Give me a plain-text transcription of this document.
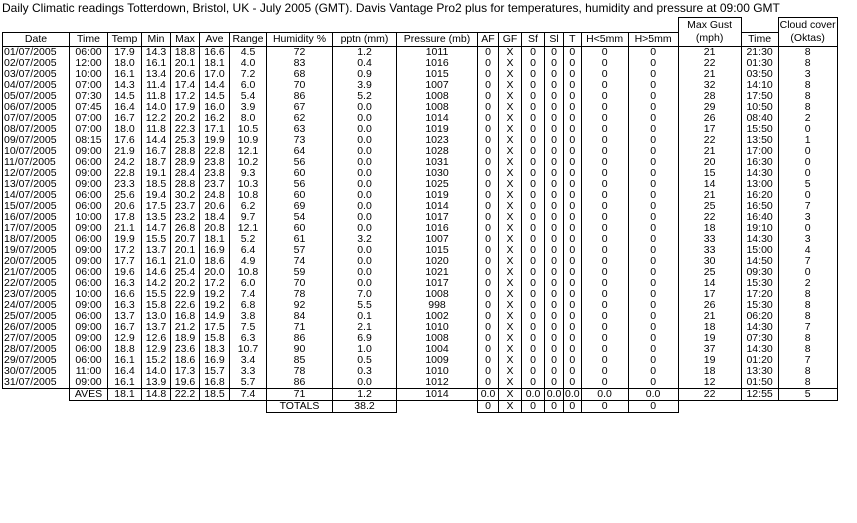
Daily Climatic readings Totterdown, Bristol, UK - July 2005 (GMT). Davis Vantage Pro2 plus for temperatures, humidity and pressure at 09:00 GMT
																	Max Gust		Cloud cover
Date	Time	Temp	Min	Max	Ave	Range	Humidity %	pptn (mm)	Pressure (mb)	AF	GF	Sf	Sl	T	H<5mm	H>5mm	(mph)	Time	(Oktas)
01/07/2005	06:00	17.9	14.3	18.8	16.6	4.5	72	1.2	1011	0	X	0	0	0	0	0	21	21:30	8
02/07/2005	12:00	18.0	16.1	20.1	18.1	4.0	83	0.4	1016	0	X	0	0	0	0	0	22	01:30	8
03/07/2005	10:00	16.1	13.4	20.6	17.0	7.2	68	0.9	1015	0	X	0	0	0	0	0	21	03:50	3
04/07/2005	07:00	14.3	11.4	17.4	14.4	6.0	70	3.9	1007	0	X	0	0	0	0	0	32	14:10	8
05/07/2005	07:30	14.5	11.8	17.2	14.5	5.4	86	5.2	1008	0	X	0	0	0	0	0	28	17:50	8
06/07/2005	07:45	16.4	14.0	17.9	16.0	3.9	67	0.0	1008	0	X	0	0	0	0	0	29	10:50	8
07/07/2005	07:00	16.7	12.2	20.2	16.2	8.0	62	0.0	1014	0	X	0	0	0	0	0	26	08:40	2
08/07/2005	07:00	18.0	11.8	22.3	17.1	10.5	63	0.0	1019	0	X	0	0	0	0	0	17	15:50	0
09/07/2005	08:15	17.6	14.4	25.3	19.9	10.9	73	0.0	1023	0	X	0	0	0	0	0	22	13:50	1
10/07/2005	09:00	21.9	16.7	28.8	22.8	12.1	64	0.0	1028	0	X	0	0	0	0	0	21	17:00	0
11/07/2005	06:00	24.2	18.7	28.9	23.8	10.2	56	0.0	1031	0	X	0	0	0	0	0	20	16:30	0
12/07/2005	09:00	22.8	19.1	28.4	23.8	9.3	60	0.0	1030	0	X	0	0	0	0	0	15	14:30	0
13/07/2005	09:00	23.3	18.5	28.8	23.7	10.3	56	0.0	1025	0	X	0	0	0	0	0	14	13:00	5
14/07/2005	06:00	25.6	19.4	30.2	24.8	10.8	60	0.0	1019	0	X	0	0	0	0	0	21	16:20	0
15/07/2005	06:00	20.6	17.5	23.7	20.6	6.2	69	0.0	1014	0	X	0	0	0	0	0	25	16:50	7
16/07/2005	10:00	17.8	13.5	23.2	18.4	9.7	54	0.0	1017	0	X	0	0	0	0	0	22	16:40	3
17/07/2005	09:00	21.1	14.7	26.8	20.8	12.1	60	0.0	1016	0	X	0	0	0	0	0	18	19:10	0
18/07/2005	06:00	19.9	15.5	20.7	18.1	5.2	61	3.2	1007	0	X	0	0	0	0	0	33	14:30	3
19/07/2005	09:00	17.2	13.7	20.1	16.9	6.4	57	0.0	1015	0	X	0	0	0	0	0	33	15:00	4
20/07/2005	09:00	17.7	16.1	21.0	18.6	4.9	74	0.0	1020	0	X	0	0	0	0	0	30	14:50	7
21/07/2005	06:00	19.6	14.6	25.4	20.0	10.8	59	0.0	1021	0	X	0	0	0	0	0	25	09:30	0
22/07/2005	06:00	16.3	14.2	20.2	17.2	6.0	70	0.0	1017	0	X	0	0	0	0	0	14	15:30	2
23/07/2005	10:00	16.6	15.5	22.9	19.2	7.4	78	7.0	1008	0	X	0	0	0	0	0	17	17:20	8
24/07/2005	09:00	16.3	15.8	22.6	19.2	6.8	92	5.5	998	0	X	0	0	0	0	0	26	15:30	8
25/07/2005	06:00	13.7	13.0	16.8	14.9	3.8	84	0.1	1002	0	X	0	0	0	0	0	21	06:20	8
26/07/2005	09:00	16.7	13.7	21.2	17.5	7.5	71	2.1	1010	0	X	0	0	0	0	0	18	14:30	7
27/07/2005	09:00	12.9	12.6	18.9	15.8	6.3	86	6.9	1008	0	X	0	0	0	0	0	19	07:30	8
28/07/2005	06:00	18.8	12.9	23.6	18.3	10.7	90	1.0	1004	0	X	0	0	0	0	0	37	14:30	8
29/07/2005	06:00	16.1	15.2	18.6	16.9	3.4	85	0.5	1009	0	X	0	0	0	0	0	19	01:20	7
30/07/2005	11:00	16.4	14.0	17.3	15.7	3.3	78	0.3	1010	0	X	0	0	0	0	0	18	13:30	8
31/07/2005	09:00	16.1	13.9	19.6	16.8	5.7	86	0.0	1012	0	X	0	0	0	0	0	12	01:50	8
	AVES	18.1	14.8	22.2	18.5	7.4	71	1.2	1014	0.0	X	0.0	0.0	0.0	0.0	0.0	22	12:55	5
							TOTALS	38.2		0	X	0	0	0	0	0			
